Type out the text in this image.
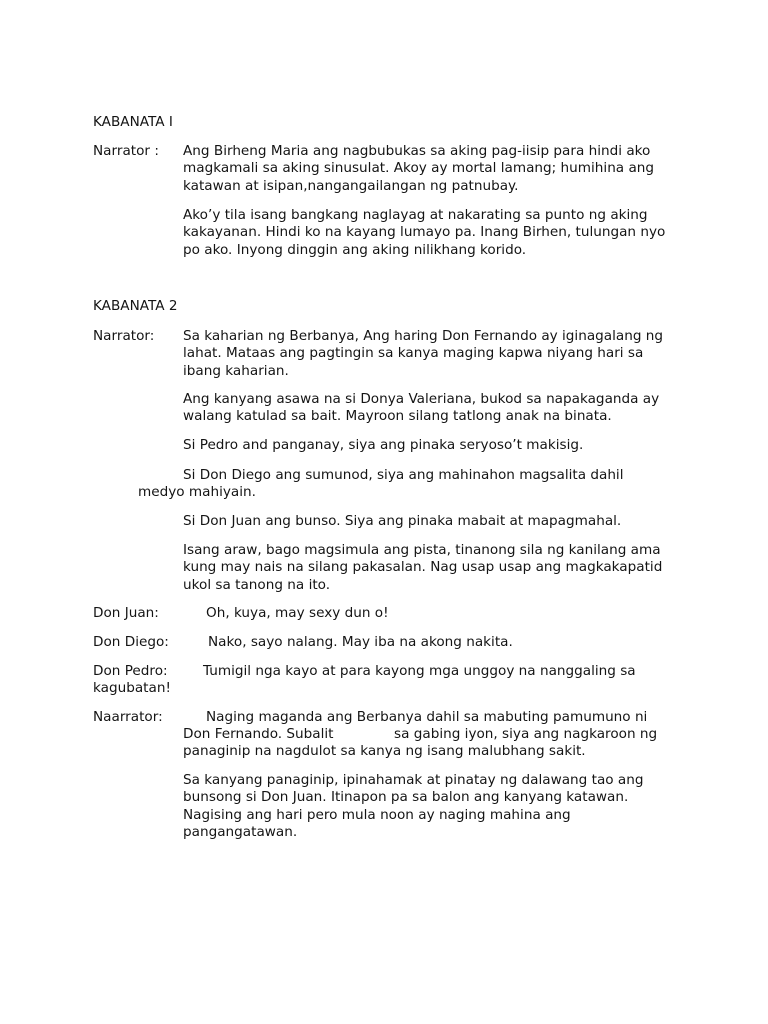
KABANATA I
Narrator : Ang Birheng Maria ang nagbubukas sa aking pag-iisip para hindi ako
magkamali sa aking sinusulat. Akoy ay mortal lamang; humihina ang
katawan at isipan,nangangailangan ng patnubay.
Ako’y tila isang bangkang naglayag at nakarating sa punto ng aking
kakayanan. Hindi ko na kayang lumayo pa. Inang Birhen, tulungan nyo
po ako. Inyong dinggin ang aking nilikhang korido.
KABANATA 2
Narrator: Sa kaharian ng Berbanya, Ang haring Don Fernando ay iginagalang ng
lahat. Mataas ang pagtingin sa kanya maging kapwa niyang hari sa
ibang kaharian.
Ang kanyang asawa na si Donya Valeriana, bukod sa napakaganda ay
walang katulad sa bait. Mayroon silang tatlong anak na binata.
Si Pedro and panganay, siya ang pinaka seryoso’t makisig.
Si Don Diego ang sumunod, siya ang mahinahon magsalita dahil
medyo mahiyain.
Si Don Juan ang bunso. Siya ang pinaka mabait at mapagmahal.
Isang araw, bago magsimula ang pista, tinanong sila ng kanilang ama
kung may nais na silang pakasalan. Nag usap usap ang magkakapatid
ukol sa tanong na ito.
Don Juan:	Oh, kuya, may sexy dun o!
Don Diego:	Nako, sayo nalang. May iba na akong nakita.
Don Pedro:	Tumigil nga kayo at para kayong mga unggoy na nanggaling sa
kagubatan!
Naarrator:	Naging maganda ang Berbanya dahil sa mabuting pamumuno ni
Don Fernando. Subalit	sa gabing iyon, siya ang nagkaroon ng
panaginip na nagdulot sa kanya ng isang malubhang sakit.
Sa kanyang panaginip, ipinahamak at pinatay ng dalawang tao ang
bunsong si Don Juan. Itinapon pa sa balon ang kanyang katawan.
Nagising ang hari pero mula noon ay naging mahina ang
pangangatawan.
